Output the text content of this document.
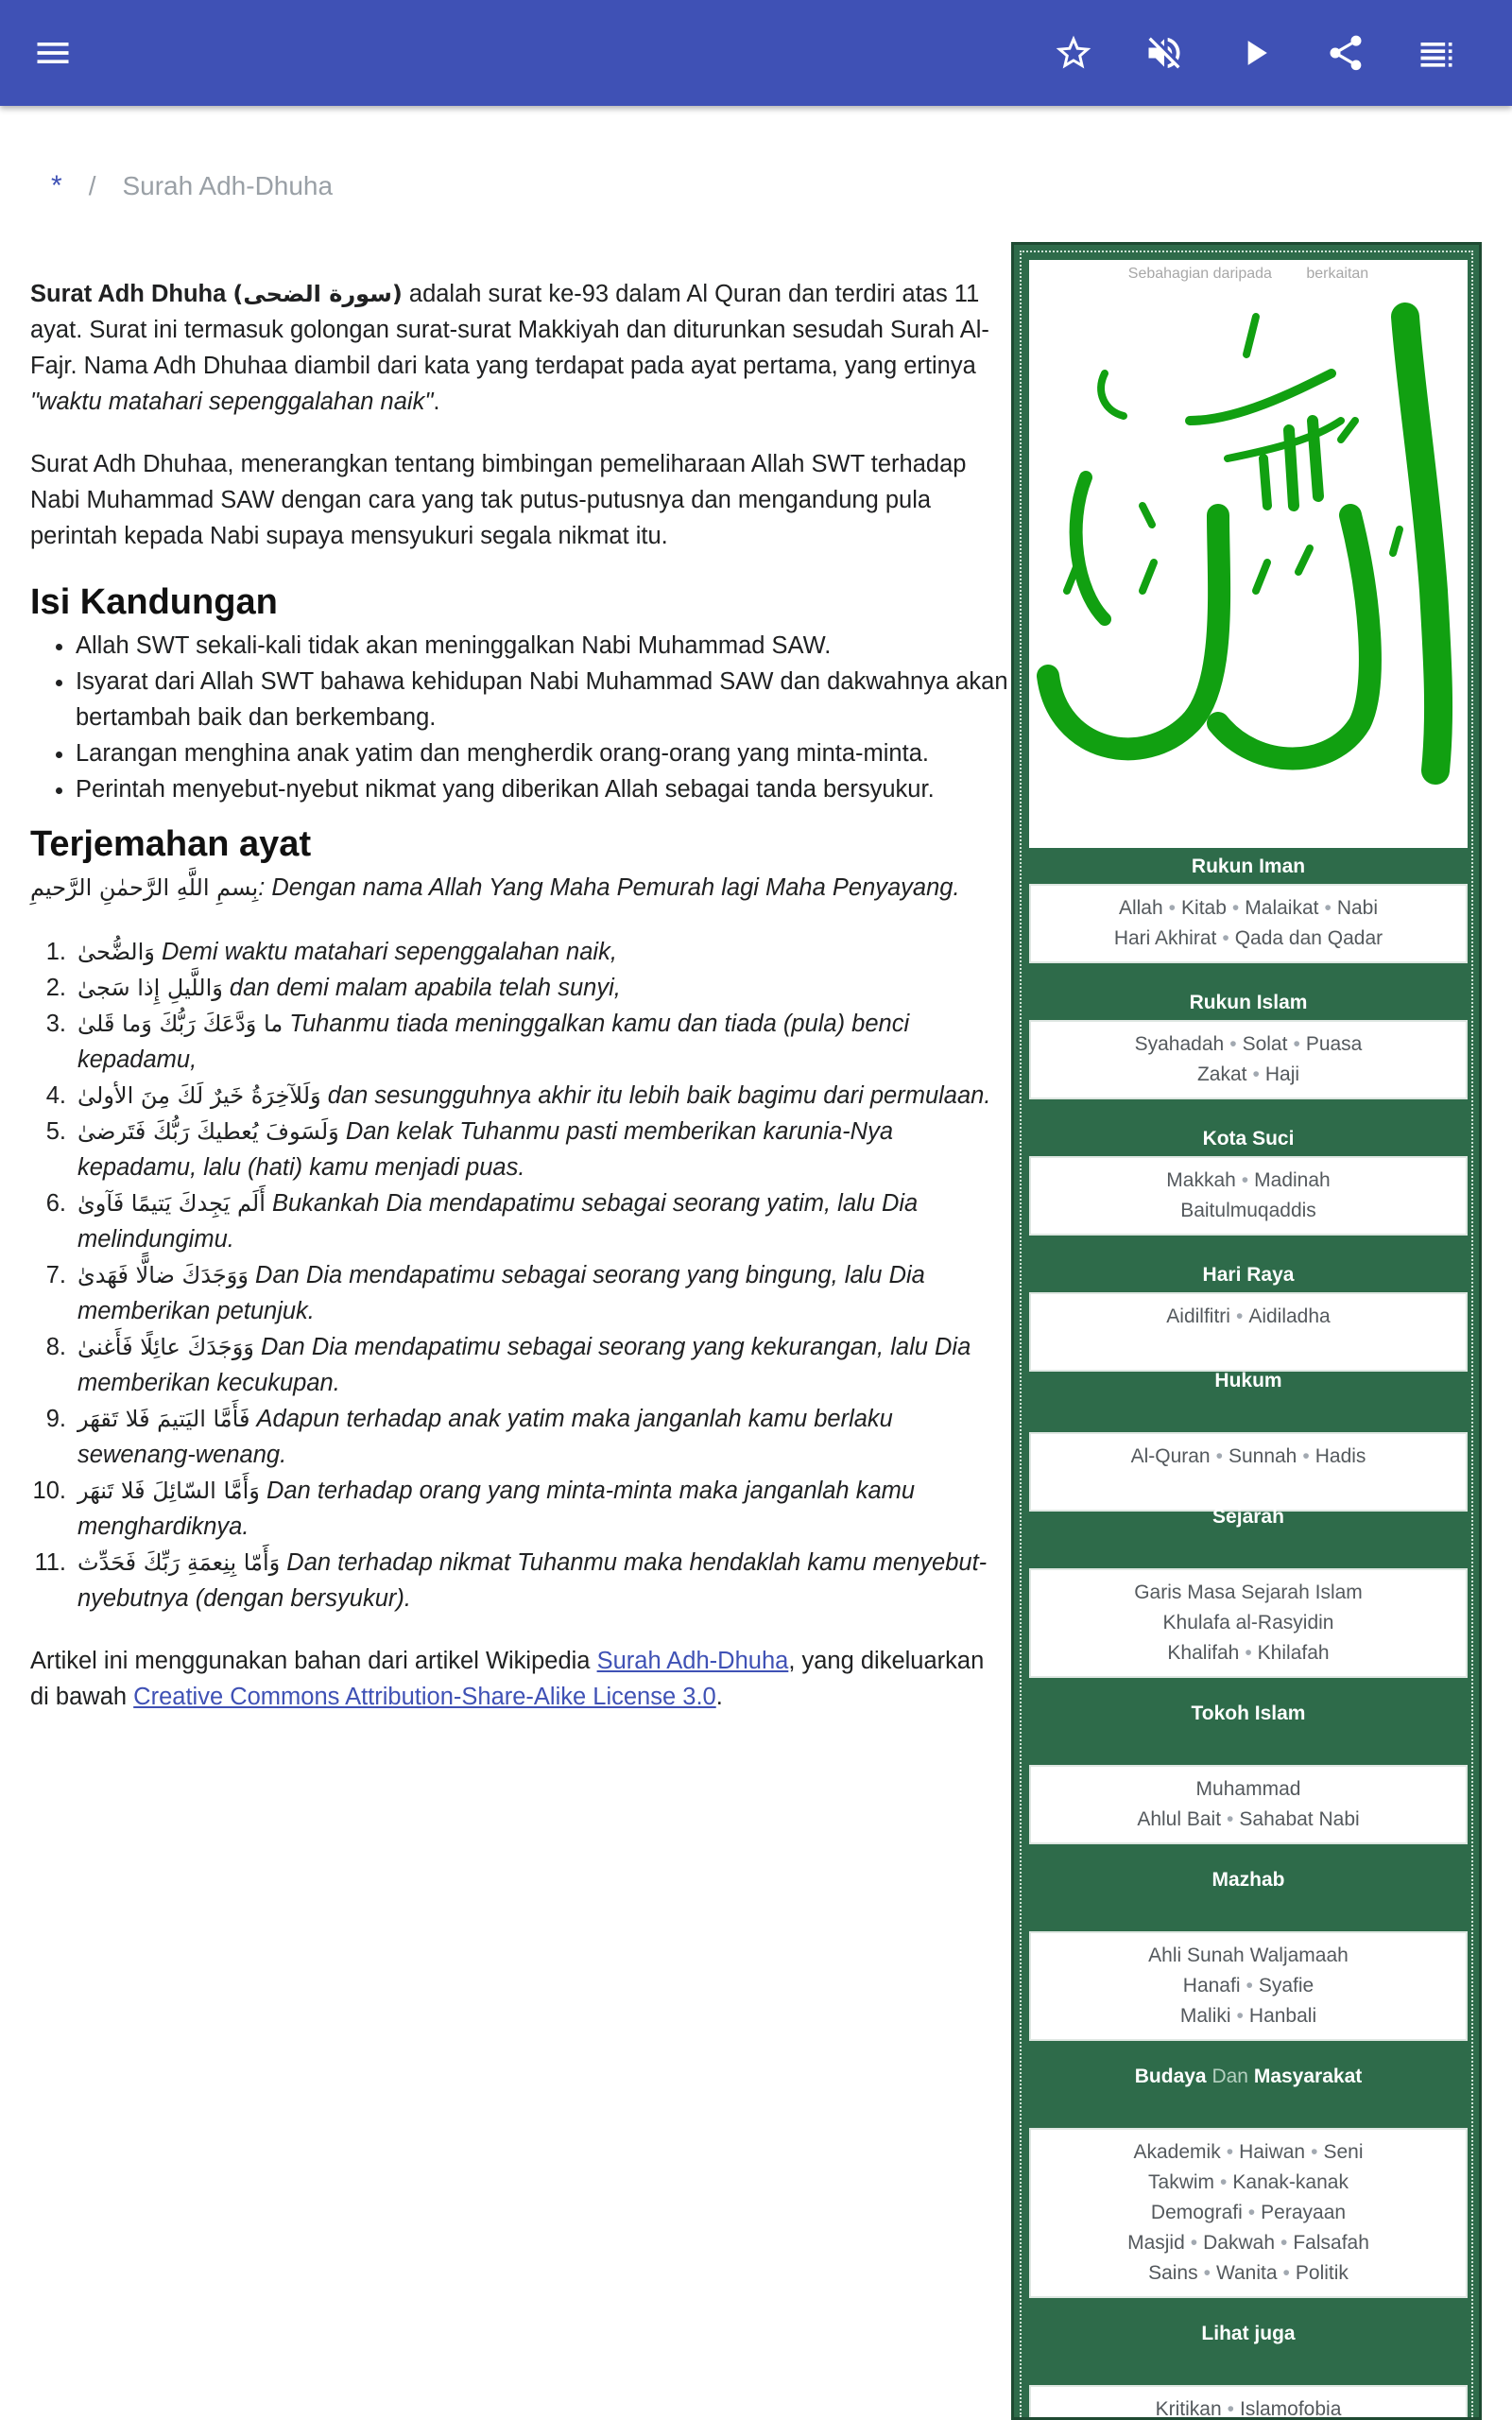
* / Surah Adh-Dhuha

Surat Adh Dhuha (سورة الضحى) adalah surat ke-93 dalam Al Quran dan terdiri atas 11 ayat. Surat ini termasuk golongan surat-surat Makkiyah dan diturunkan sesudah Surah Al-Fajr. Nama Adh Dhuhaa diambil dari kata yang terdapat pada ayat pertama, yang ertinya "waktu matahari sepenggalahan naik".

Surat Adh Dhuhaa, menerangkan tentang bimbingan pemeliharaan Allah SWT terhadap Nabi Muhammad SAW dengan cara yang tak putus-putusnya dan mengandung pula perintah kepada Nabi supaya mensyukuri segala nikmat itu.

Isi Kandungan
• Allah SWT sekali-kali tidak akan meninggalkan Nabi Muhammad SAW.
• Isyarat dari Allah SWT bahawa kehidupan Nabi Muhammad SAW dan dakwahnya akan bertambah baik dan berkembang.
• Larangan menghina anak yatim dan mengherdik orang-orang yang minta-minta.
• Perintah menyebut-nyebut nikmat yang diberikan Allah sebagai tanda bersyukur.
Terjemahan ayat

بِسمِ اللَّهِ الرَّحمٰنِ الرَّحيمِ: Dengan nama Allah Yang Maha Pemurah lagi Maha Penyayang.

1. وَالضُّحىٰ Demi waktu matahari sepenggalahan naik,
2. وَاللَّيلِ إِذا سَجىٰ dan demi malam apabila telah sunyi,
3. ما وَدَّعَكَ رَبُّكَ وَما قَلىٰ Tuhanmu tiada meninggalkan kamu dan tiada (pula) benci kepadamu,
4. وَلَلآخِرَةُ خَيرٌ لَكَ مِنَ الأولىٰ dan sesungguhnya akhir itu lebih baik bagimu dari permulaan.
5. وَلَسَوفَ يُعطيكَ رَبُّكَ فَتَرضىٰ Dan kelak Tuhanmu pasti memberikan karunia-Nya kepadamu, lalu (hati) kamu menjadi puas.
6. أَلَم يَجِدكَ يَتيمًا فَآوىٰ Bukankah Dia mendapatimu sebagai seorang yatim, lalu Dia melindungimu.
7. وَوَجَدَكَ ضالًّا فَهَدىٰ Dan Dia mendapatimu sebagai seorang yang bingung, lalu Dia memberikan petunjuk.
8. وَوَجَدَكَ عائِلًا فَأَغنىٰ Dan Dia mendapatimu sebagai seorang yang kekurangan, lalu Dia memberikan kecukupan.
9. فَأَمَّا اليَتيمَ فَلا تَقهَر Adapun terhadap anak yatim maka janganlah kamu berlaku sewenang-wenang.
10. وَأَمَّا السّائِلَ فَلا تَنهَر Dan terhadap orang yang minta-minta maka janganlah kamu menghardiknya.
11. وَأَمّا بِنِعمَةِ رَبِّكَ فَحَدِّث Dan terhadap nikmat Tuhanmu maka hendaklah kamu menyebut-nyebutnya (dengan bersyukur).

Artikel ini menggunakan bahan dari artikel Wikipedia Surah Adh-Dhuha, yang dikeluarkan di bawah Creative Commons Attribution-Share-Alike License 3.0.

Sebahagian daripada berkaitan
Rukun Iman
Allah • Kitab • Malaikat • Nabi
Hari Akhirat • Qada dan Qadar
Rukun Islam
Syahadah • Solat • Puasa
Zakat • Haji
Kota Suci
Makkah • Madinah
Baitulmuqaddis
Hari Raya
Aidilfitri • Aidiladha
Hukum
Al-Quran • Sunnah • Hadis
Sejarah
Garis Masa Sejarah Islam
Khulafa al-Rasyidin
Khalifah • Khilafah
Tokoh Islam
Muhammad
Ahlul Bait • Sahabat Nabi
Mazhab
Ahli Sunah Waljamaah
Hanafi • Syafie
Maliki • Hanbali
Budaya Dan Masyarakat
Akademik • Haiwan • Seni
Takwim • Kanak-kanak
Demografi • Perayaan
Masjid • Dakwah • Falsafah
Sains • Wanita • Politik
Lihat juga
Kritikan • Islamofobia
